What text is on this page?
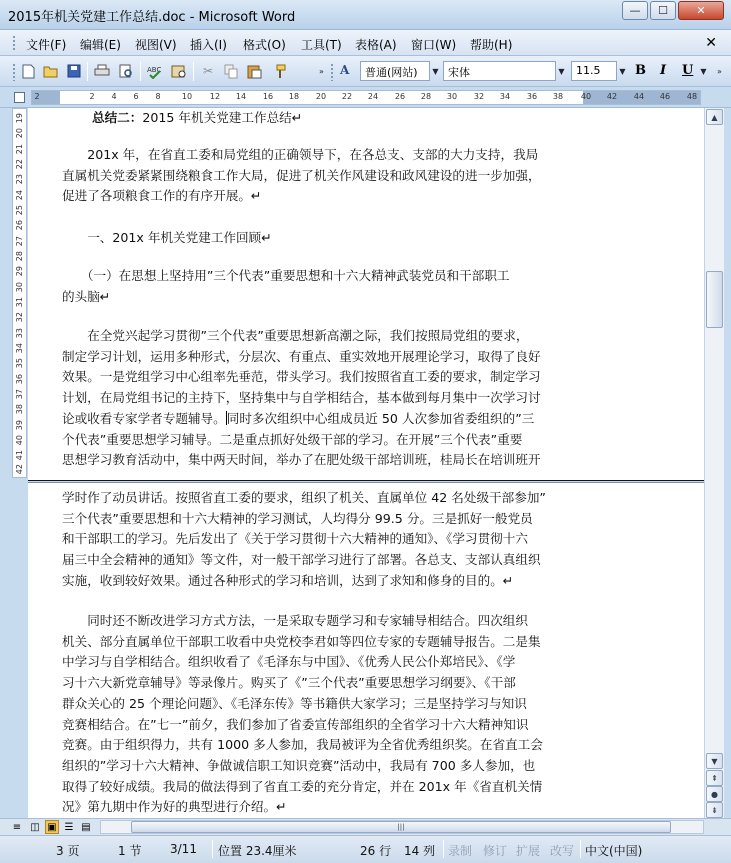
2015年机关党建工作总结.doc - Microsoft Word	—	☐	✕
文件(F) 编辑(E) 视图(V) 插入(I) 格式(O) 工具(T) 表格(A) 窗口(W) 帮助(H)	✕
ABC	✂	»	A	普通(网站)	▼ 宋体	▼	11.5	▼ B I U ▼	»
2	2 4 6 8	10 12 14 16 18 20 22 24 26 28 30 32 34 36 38 40 42 44 46 48
19
20
21
22
23
24
25
26
27
28
29
30
31
32
33
34
35
36
37
38
39
40
41
42
总结二：2015 年机关党建工作总结↵
　　201x 年，在省直工委和局党组的正确领导下，在各总支、支部的大力支持，我局
直属机关党委紧紧围绕粮食工作大局，促进了机关作风建设和政风建设的进一步加强，
促进了各项粮食工作的有序开展。↵
　　一、201x 年机关党建工作回顾↵
　　（一）在思想上坚持用”三个代表”重要思想和十六大精神武装党员和干部职工
的头脑↵
　　在全党兴起学习贯彻”三个代表”重要思想新高潮之际，我们按照局党组的要求，
制定学习计划，运用多种形式，分层次、有重点、重实效地开展理论学习，取得了良好
效果。一是党组学习中心组率先垂范，带头学习。我们按照省直工委的要求，制定学习
计划，在局党组书记的主持下，坚持集中与自学相结合，基本做到每月集中一次学习讨
论或收看专家学者专题辅导。同时多次组织中心组成员近 50 人次参加省委组织的”三
个代表”重要思想学习辅导。二是重点抓好处级干部的学习。在开展”三个代表”重要
思想学习教育活动中，集中两天时间，举办了在肥处级干部培训班，桂局长在培训班开
学时作了动员讲话。按照省直工委的要求，组织了机关、直属单位 42 名处级干部参加”
三个代表”重要思想和十六大精神的学习测试，人均得分 99.5 分。三是抓好一般党员
和干部职工的学习。先后发出了《关于学习贯彻十六大精神的通知》、《学习贯彻十六
届三中全会精神的通知》等文件，对一般干部学习进行了部署。各总支、支部认真组织
实施，收到较好效果。通过各种形式的学习和培训，达到了求知和修身的目的。↵
　　同时还不断改进学习方式方法，一是采取专题学习和专家辅导相结合。四次组织
机关、部分直属单位干部职工收看中央党校李君如等四位专家的专题辅导报告。二是集
中学习与自学相结合。组织收看了《毛泽东与中国》、《优秀人民公仆郑培民》、《学
习十六大新党章辅导》等录像片。购买了《”三个代表”重要思想学习纲要》、《干部
群众关心的 25 个理论问题》、《毛泽东传》等书籍供大家学习；三是坚持学习与知识
竞赛相结合。在”七一”前夕，我们参加了省委宣传部组织的全省学习十六大精神知识
竞赛。由于组织得力，共有 1000 多人参加，我局被评为全省优秀组织奖。在省直工会
组织的”学习十六大精神、争做诚信职工知识竞赛”活动中，我局有 700 多人参加，也
取得了较好成绩。我局的做法得到了省直工委的充分肯定，并在 201x 年《省直机关情
况》第九期中作为好的典型进行介绍。↵
▲
▼
⇞
●
⇟
≡ ◫ ▣ ☰ ▤	|||
3 页	1 节 3/11 位置 23.4厘米	26 行 14 列 录制 修订 扩展 改写 中文(中国)
